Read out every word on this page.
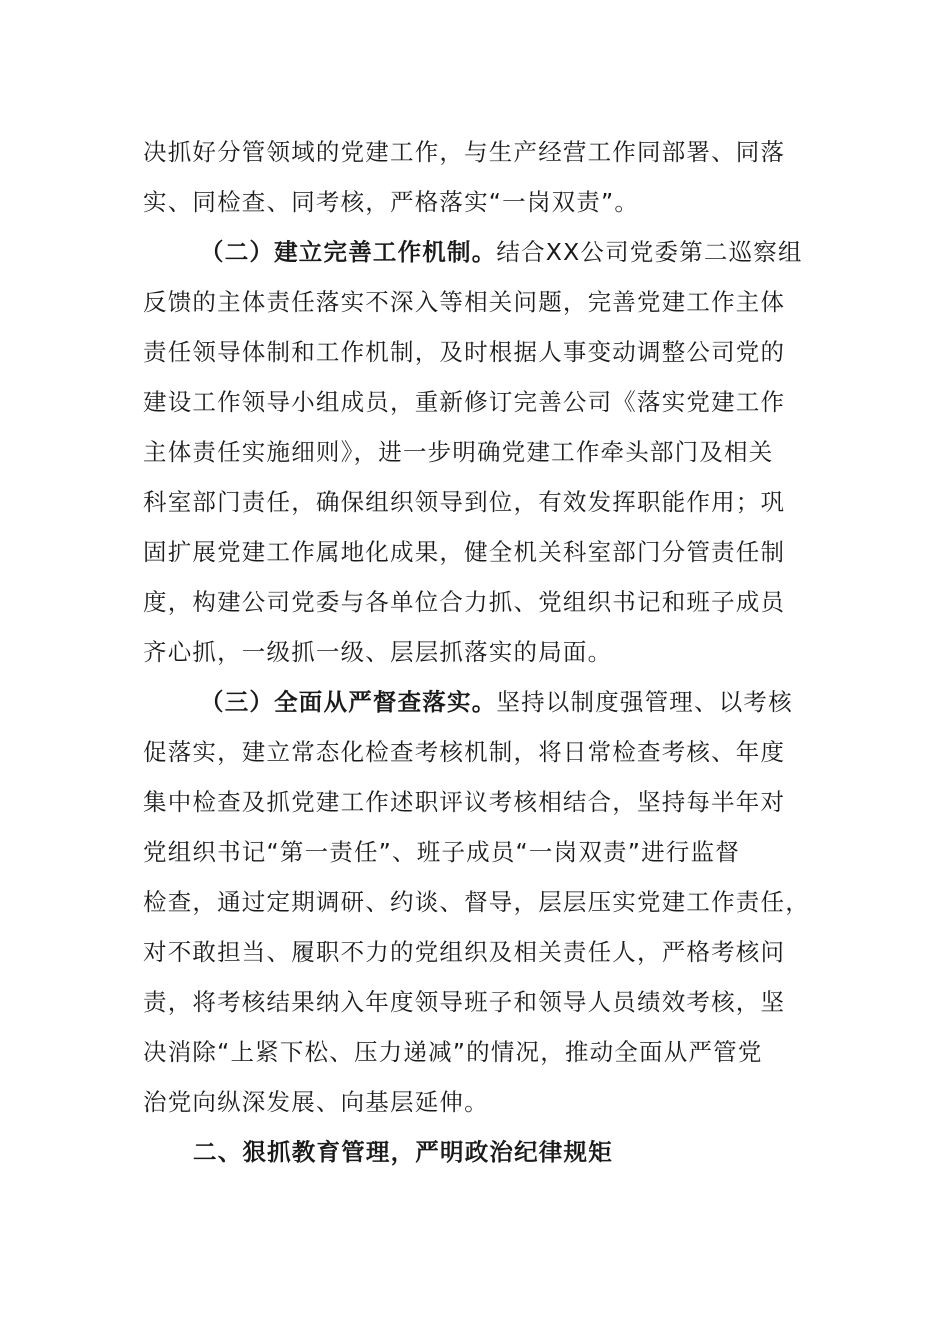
决抓好分管领域的党建工作，与生产经营工作同部署、同落
实、同检查、同考核，严格落实“一岗双责”。
（二）建立完善工作机制。结合XX公司党委第二巡察组
反馈的主体责任落实不深入等相关问题，完善党建工作主体
责任领导体制和工作机制，及时根据人事变动调整公司党的
建设工作领导小组成员，重新修订完善公司《落实党建工作
主体责任实施细则》，进一步明确党建工作牵头部门及相关
科室部门责任，确保组织领导到位，有效发挥职能作用；巩
固扩展党建工作属地化成果，健全机关科室部门分管责任制
度，构建公司党委与各单位合力抓、党组织书记和班子成员
齐心抓，一级抓一级、层层抓落实的局面。
（三）全面从严督查落实。坚持以制度强管理、以考核
促落实，建立常态化检查考核机制，将日常检查考核、年度
集中检查及抓党建工作述职评议考核相结合，坚持每半年对
党组织书记“第一责任”、班子成员“一岗双责”进行监督
检查，通过定期调研、约谈、督导，层层压实党建工作责任，
对不敢担当、履职不力的党组织及相关责任人，严格考核问
责，将考核结果纳入年度领导班子和领导人员绩效考核，坚
决消除“上紧下松、压力递减”的情况，推动全面从严管党
治党向纵深发展、向基层延伸。
二、狠抓教育管理，严明政治纪律规矩
